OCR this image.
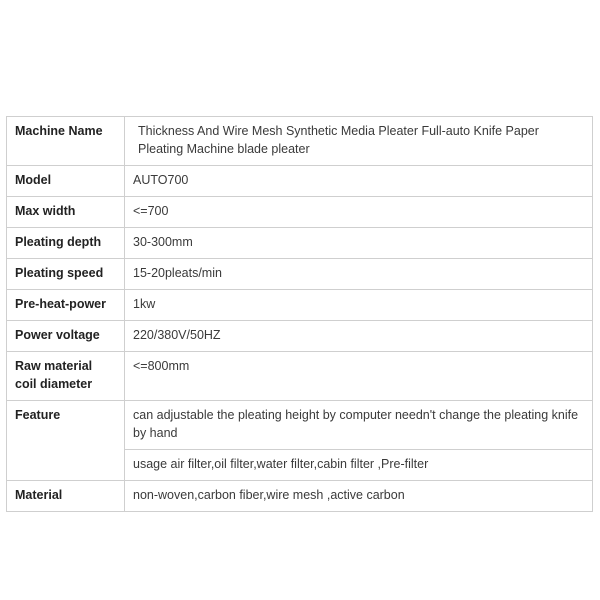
Machine Name	Thickness And Wire Mesh Synthetic Media Pleater Full-auto Knife Paper Pleating Machine blade pleater
Model	AUTO700
Max width	<=700
Pleating depth	30-300mm
Pleating speed	15-20pleats/min
Pre-heat-power	1kw
Power voltage	220/380V/50HZ
Raw material coil diameter	<=800mm
Feature	can adjustable the pleating height by computer needn't change the pleating knife by hand
	usage air filter,oil filter,water filter,cabin filter ,Pre-filter
Material	non-woven,carbon fiber,wire mesh ,active carbon
